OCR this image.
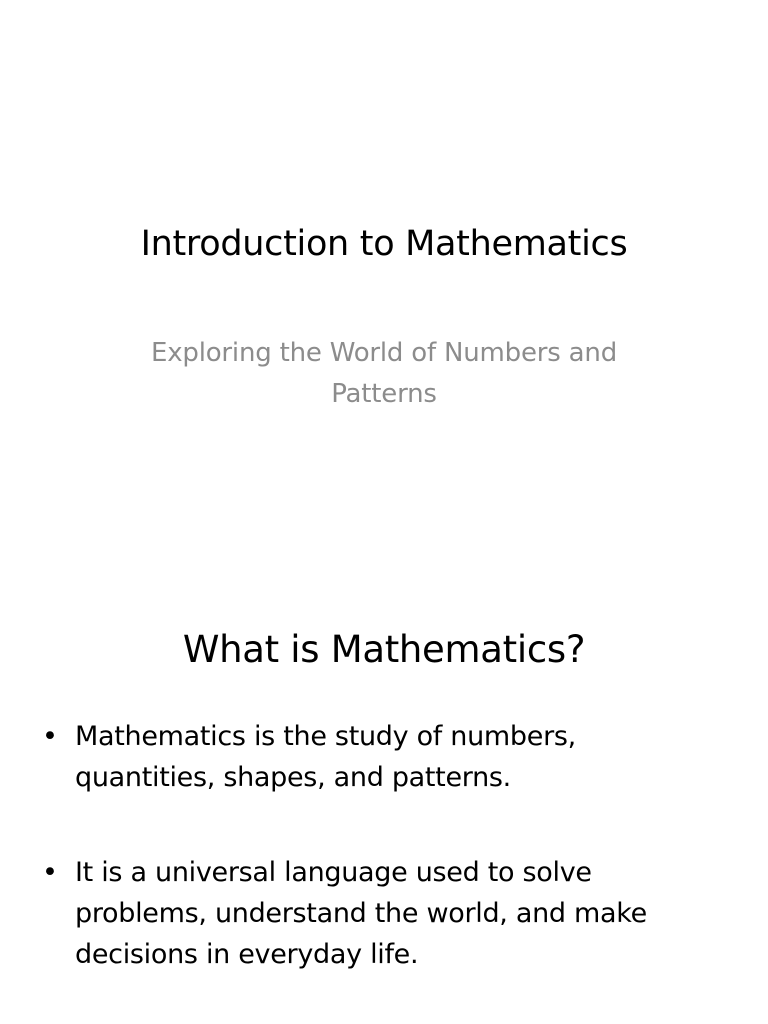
Introduction to Mathematics
Exploring the World of Numbers and Patterns
What is Mathematics?
• Mathematics is the study of numbers, quantities, shapes, and patterns.
• It is a universal language used to solve problems, understand the world, and make decisions in everyday life.
